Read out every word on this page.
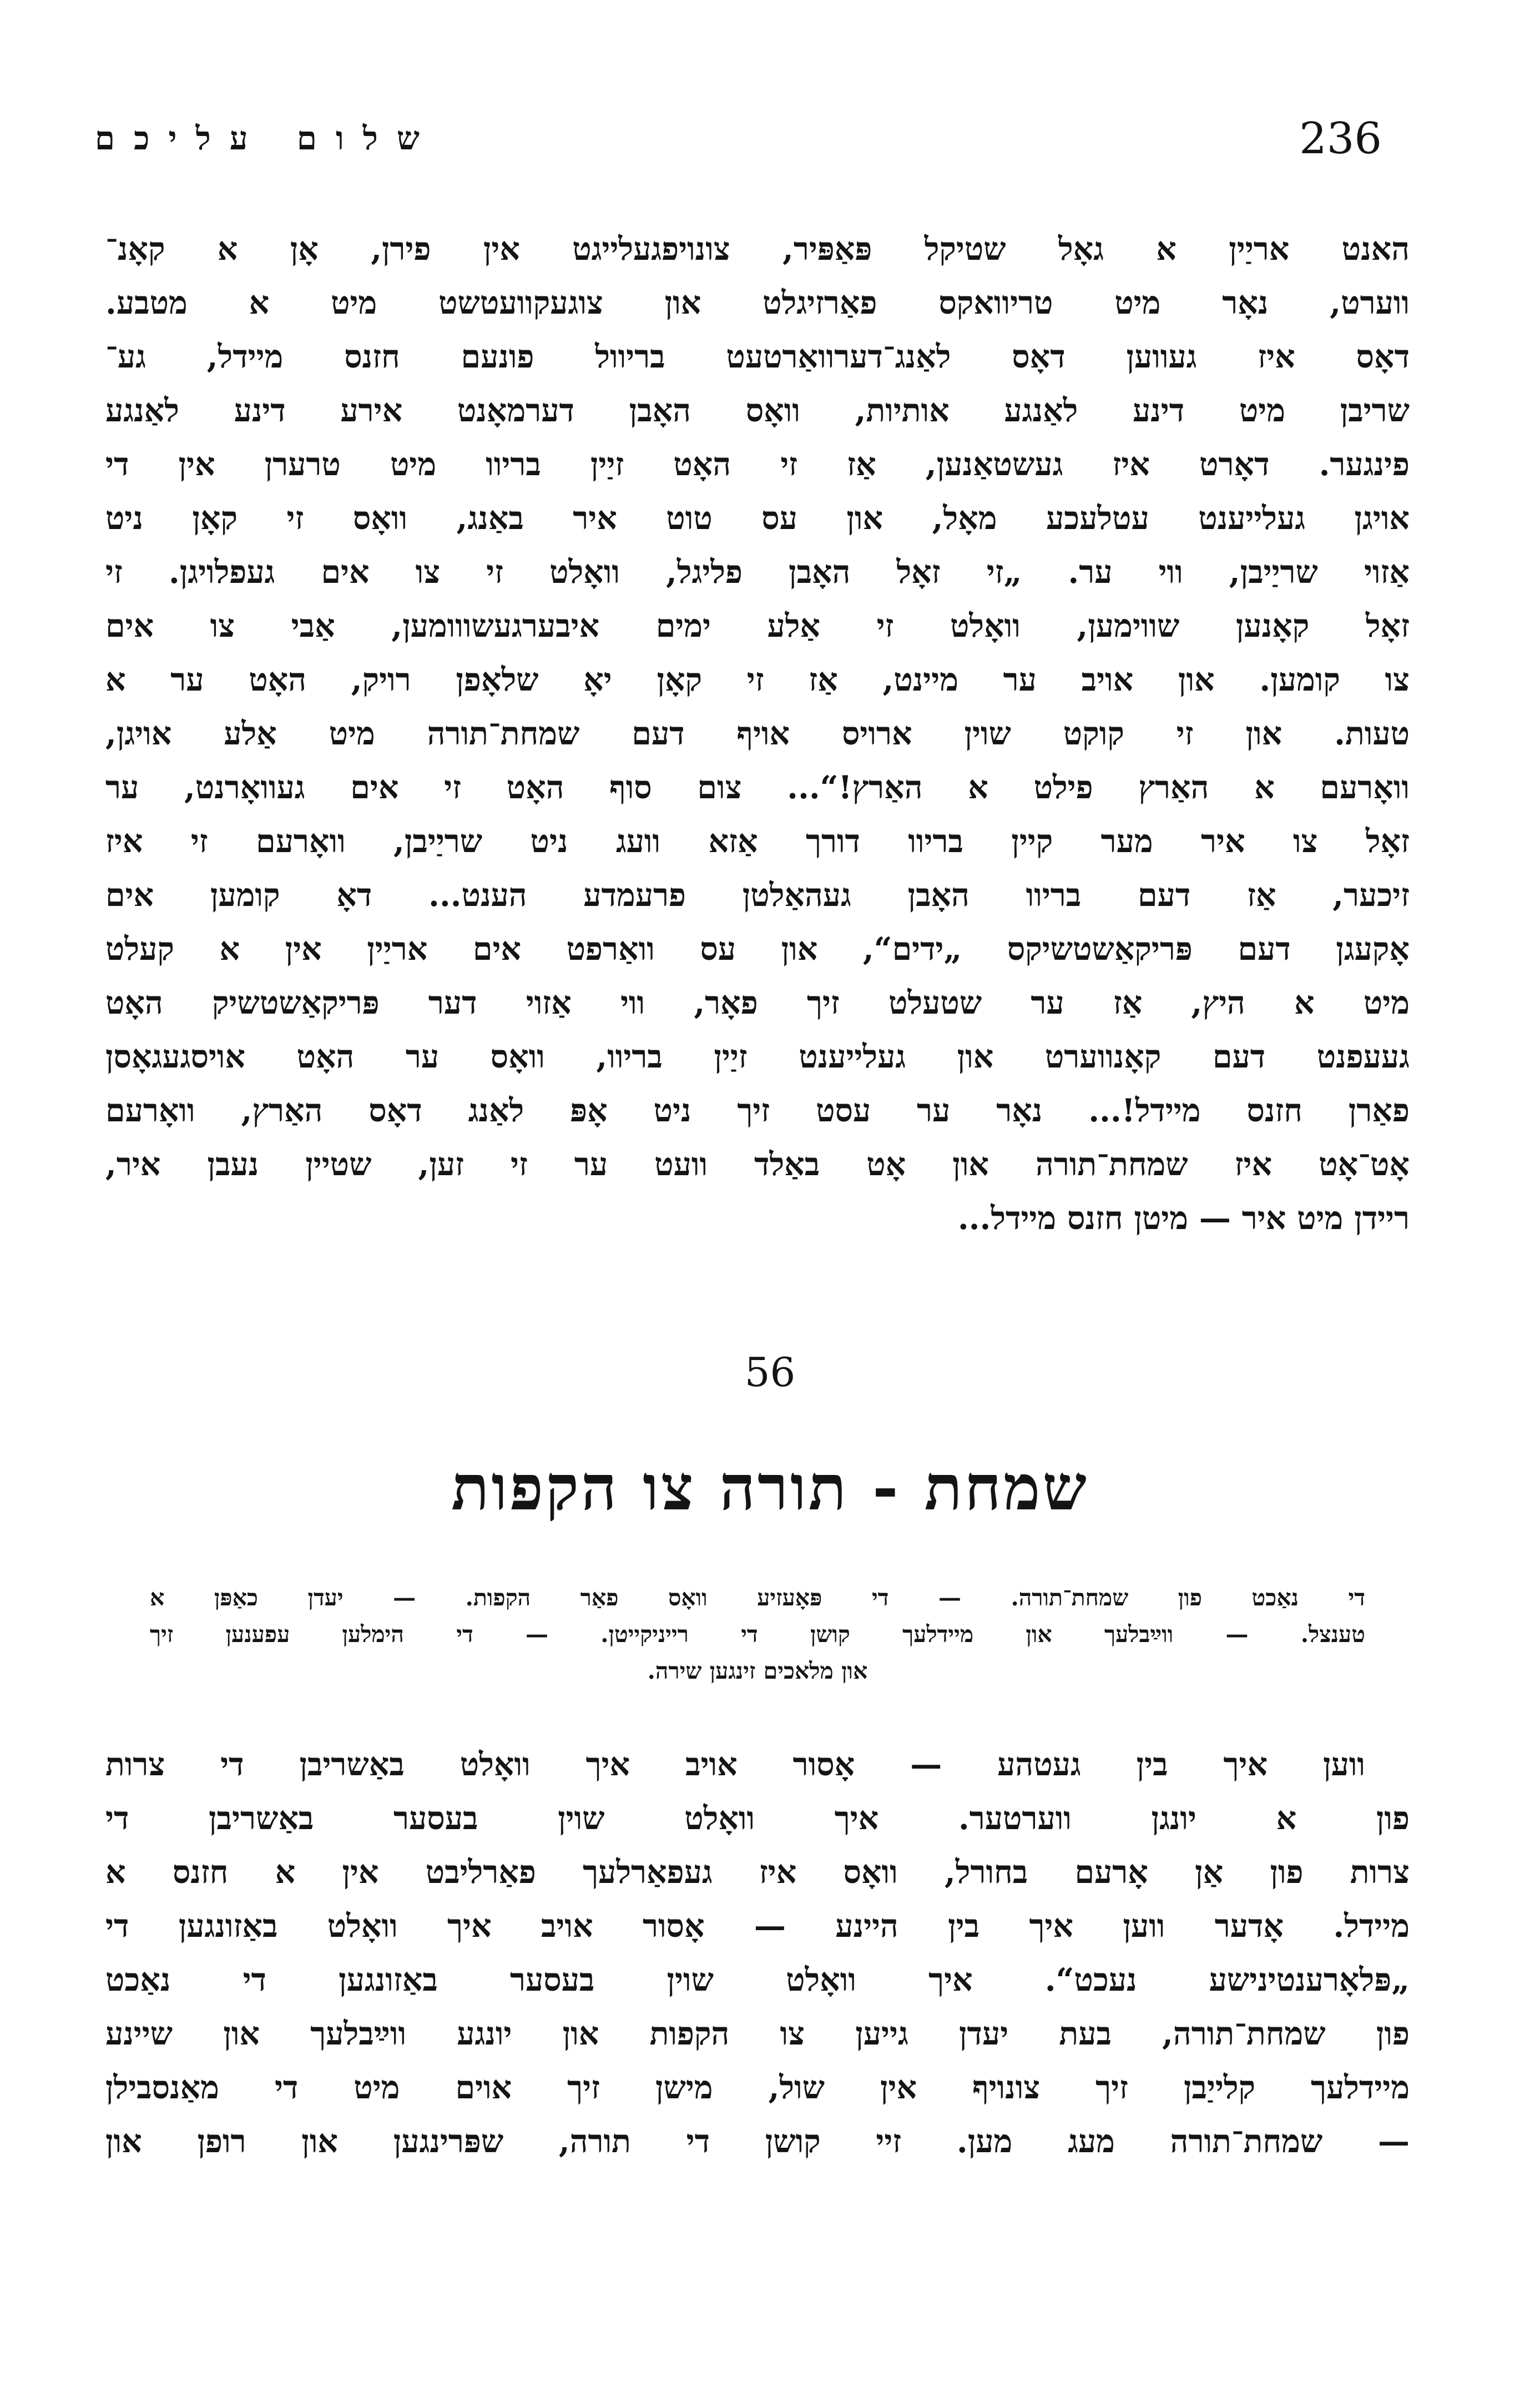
236
שלום עליכם
האנט אריַין א גאָל שטיקל פּאַפּיר, צונויפגעלייגט אין פירן, אָן א קאָנ־
ווערט, נאָר מיט טריוואקס פאַרזיגלט און צוגעקוועטשט מיט א מטבע.
דאָס איז געווען דאָס לאַנג־דערוואַרטעט בריוול פונעם חזנס מיידל, גע־
שריבן מיט דינע לאַנגע אותיות, וואָס האָבן דערמאָנט אירע דינע לאַנגע
פינגער. דאָרט איז געשטאַנען, אַז זי האָט זיַין בריוו מיט טרערן אין די
אויגן געלייענט עטלעכע מאָל, און עס טוט איר באַנג, וואָס זי קאָן ניט
אַזוי שריַיבן, ווי ער. „זי זאָל האָבן פליגל, וואָלט זי צו אים געפלויגן. זי
זאָל קאָנען שווימען, וואָלט זי אַלע ימים איבערגעשווומען, אַבי צו אים
צו קומען. און אויב ער מיינט, אַז זי קאָן יאָ שלאָפן רויק, האָט ער א
טעות. און זי קוקט שוין ארויס אויף דעם שמחת־תורה מיט אַלע אויגן,
וואָרעם א האַרץ פילט א האַרץ!“... צום סוף האָט זי אים געוואָרנט, ער
זאָל צו איר מער קיין בריוו דורך אַזא וועג ניט שריַיבן, וואָרעם זי איז
זיכער, אַז דעם בריוו האָבן געהאַלטן פרעמדע הענט... דאָ קומען אים
אָקעגן דעם פּריקאַשטשיקס „ידים“, און עס וואַרפט אים אריַין אין א קעלט
מיט א היץ, אַז ער שטעלט זיך פאָר, ווי אַזוי דער פּריקאַשטשיק האָט
געעפנט דעם קאָנווערט און געלייענט זיַין בריוו, וואָס ער האָט אויסגעגאָסן
פאַרן חזנס מיידל!... נאָר ער עסט זיך ניט אָפּ לאַנג דאָס האַרץ, וואָרעם
אָט־אָט איז שמחת־תורה און אָט באַלד וועט ער זי זען, שטיין נעבן איר,
ריידן מיט איר — מיטן חזנס מיידל...
56
שמחת - תורה צו הקפות
די נאַכט פון שמחת־תורה. — די פּאָעזיע וואָס פאַר הקפות. — יעדן כאַפּן א
טענצל. — ווײַבלעך און מיידלעך קושן די רייניקייטן. — די הימלען עפענען זיך
און מלאכים זינגען שירה.
ווען איך בין געטהע — אָסור אויב איך וואָלט באַשריבן די צרות
פון א יונגן ווערטער. איך וואָלט שוין בעסער באַשריבן די
צרות פון אַן אָרעם בחורל, וואָס איז געפאַרלעך פאַרליבט אין א חזנס א
מיידל. אָדער ווען איך בין היינע — אָסור אויב איך וואָלט באַזונגען די
„פּלאָרענטינישע נעכט“. איך וואָלט שוין בעסער באַזונגען די נאַכט
פון שמחת־תורה, בעת יעדן גייען צו הקפות און יונגע ווײַבלעך און שיינע
מיידלעך קלייַבן זיך צונויף אין שול, מישן זיך אוים מיט די מאַנסבילן
— שמחת־תורה מעג מען. זיי קושן די תורה, שפּרינגען און רופן און
